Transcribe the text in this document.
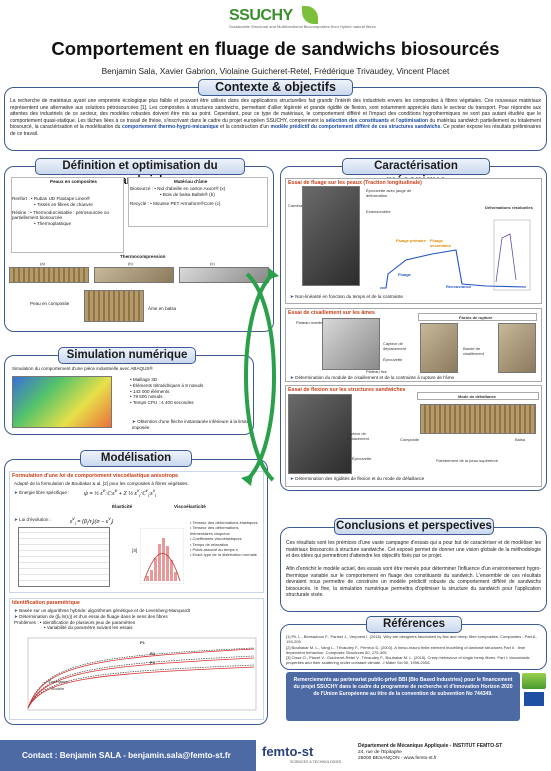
SSUCHY
Sustainable Structural and Multifunctional Biocomposites from Hybrid natural fibres
Comportement en fluage de sandwichs biosourcés
Benjamin Sala, Xavier Gabrion, Violaine Guicheret-Retel, Frédérique Trivaudey, Vincent Placet
Contexte & objectifs
La recherche de matériaux ayant une empreinte écologique plus faible et pouvant être utilisés dans des applications structurelles fait grandir l'intérêt des industriels envers les composites à fibres végétales. Ces nouveaux matériaux représentent une alternative aux solutions pétrosourcées [1]. Les composites à structures sandwichs, permettant d'allier légèreté et grande rigidité de flexion, sont notamment appréciés dans le secteur du transport. Pour répondre aux attentes des industriels de ce secteur, des modèles robustes doivent être mis au point. Cependant, pour ce type de matériaux, le comportement différé et l'impact des conditions hygrothermiques ne sont pas autant étudiés que le comportement quasi-statique. Les tâches liées à ce travail de thèse, s'inscrivant dans le cadre du projet européen SSUCHY, comprennent la sélection des constituants et l'optimisation du matériau sandwich partiellement ou totalement biosourcé, la caractérisation et la modélisation du comportement thermo-hygro-mécanique et la construction d'un modèle prédictif du comportement différé de ces structures sandwichs. Ce poster expose les résultats préliminaires de ce travail.
Définition et optimisation du
Peaux en composites
Renfort : • Ruban UD Flaxtape Lineo®
• Tissés en fibres de chanvre
Résine : • Thermodurcissable : pétrosourcée ou partiellement biosourcée
• Thermoplastique
Matériau d'âme
Biosourcé : • Nid d'abeille en carton Axxor® (x)
• Bois de balsa Baltek® (b)
Recyclé : • Mousse PET Armaform®Core (c)
Thermocompression
(a)	(b)	(c)
Peau en composite
Âme en balsa
Simulation numérique
Simulation du comportement d'une pièce industrielle avec ABAQUS®
• Maillage 3D
• Éléments tétraédriques à 8 nœuds
• 143 000 éléments
• 78 500 nœuds
• Temps CPU : 4 400 secondes
➤ Obtention d'une flèche instantanée inférieure à la limite imposée.
Modélisation
Formulation d'une loi de comportement viscoélastique anisotrope
Adapté de la formulation de Boubakar & al. [2] pour les composites à fibres végétales.
➤ Énergie libre spécifique :	ψ = ½ $\varepsilon^e:ℂ:\varepsilon^e + \Sigma$ ½ $\varepsilon^v_i:ℂ^v_i:\varepsilon^v_i$
Élasticité	Viscoélasticité
➤ Loi d'évolution :	ε̇$^v_i$ = $(\beta_i/\tau_i)(\sigma - \varepsilon^v_i)$
[3]
• Tenseur des déformations élastiques
• Tenseur des déformations élémentaires visqueux
• Coefficients viscoélastiques
• Temps de relaxation
• Poids associé au temps τᵢ
• Exact type de la distribution normale
Identification paramétrique
➤ Basée sur un algorithme hybride: algorithmes génétique et de Levenberg-Marquardt
➤ Détermination de (βᵢ,ln(τᵢ)) et d'un essai de fluage dans le sens des fibres
Problèmes : • Identification de plusieurs jeux de paramètres
• Variabilité du paramètre suivant les essais
P1
P2
P3
---- Expérience
—— Modèle
Caractérisation
Essai de fluage sur les peaux (Traction longitudinale)
Caméra
Éprouvette avec jauge de déformation
Extensomètre
Déformations résiduelles
Fluage primaire Fluage secondaire
Fluage
Recouvrance
➤ Non-linéarité en fonction du temps et de la contrainte
Essai de cisaillement sur les âmes
Plateau mobile
Capteur de déplacement
Éprouvette
Plateau fixe
Faciès de rupture
Bande de cisaillement
➤ Détermination du module de cisaillement et de la contrainte à rupture de l'âme
Essai de flexion sur les structures sandwiches
Capteur de déplacement
Éprouvette
Mode de défaillance
Composite	Balsa
Flambement de la peau supérieure
➤ Détermination des rigidités de flexion et du mode de défaillance
Conclusions et perspectives
Ces résultats sont les prémices d'une vaste campagne d'essais qui a pour but de caractériser et de modéliser les matériaux biosourcés à structure sandwiche. Cet exposé permet de donner une vision globale de la méthodologie et des idées qui permettront d'atteindre les objectifs fixés par ce projet.
Afin d'enrichir le modèle actuel, des essais vont être menés pour déterminer l'influence d'un environnement hygro-thermique variable sur le comportement en fluage des constituants du sandwich. L'ensemble de ces résultats devraient nous permettre de construire un modèle prédictif robuste du comportement différé de sandwichs biosourcés. In fine, la simulation numérique permettra d'optimiser la structure du sandwich pour l'application structurale visée.
Références
[1] Pil, L., Bensadoun F., Pariset J., Verpoest I. (2016). Why are designers fascinated by flax and hemp fibre composites. Composites : Part A, 193-205
[2] Boubakar M. L., Vang L., Trivaudey F., Perreux D. (2003). A meso-macro finite element modelling of laminate structures Part II : time dependent behaviour. Composite Structures 60, 275-305.
[3] Cisse O., Placet V., Guicheret-Retel V., Trivaudey F., Boubakar M. L. (2015). Creep behaviour of single hemp fibres. Part I: viscoelastic properties and their scattering under constant climate. J Mater Sci 50, 1996-2006.
Remerciements au partenariat public-privé BBI (Bio Based Industries) pour le financement du projet SSUCHY dans le cadre du programme de recherche et d'innovation Horizon 2020 de l'Union Européenne au titre de la convention de subvention No 744349.
Contact : Benjamin SALA - benjamin.sala@femto-st.fr	femto-st
SCIENCES & TECHNOLOGIES
Département de Mécanique Appliquée - INSTITUT FEMTO-ST
24, rue de l'Epitaphe
25000 BESANÇON - www.femto-st.fr
